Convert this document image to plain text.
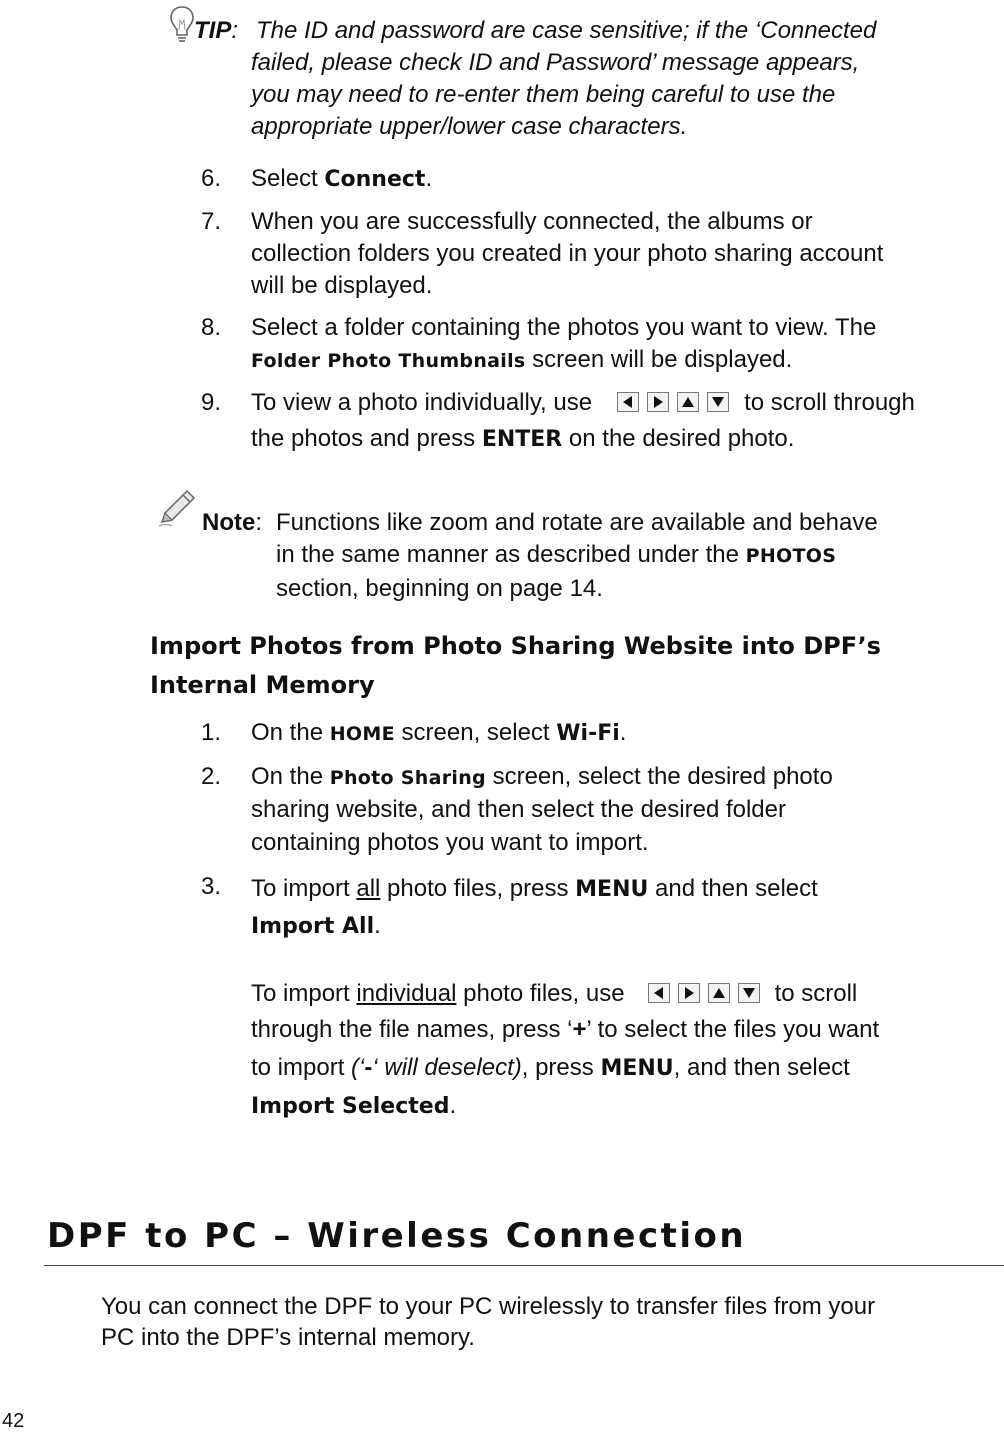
TIP: The ID and password are case sensitive; if the ‘Connected
failed, please check ID and Password’ message appears,
you may need to re-enter them being careful to use the
appropriate upper/lower case characters.
6. Select Connect.
7. When you are successfully connected, the albums or
collection folders you created in your photo sharing account
will be displayed.
8. Select a folder containing the photos you want to view. The
Folder Photo Thumbnails screen will be displayed.
9. To view a photo individually, use	to scroll through
the photos and press ENTER on the desired photo.
Note: Functions like zoom and rotate are available and behave
in the same manner as described under the PHOTOS
section, beginning on page 14.
Import Photos from Photo Sharing Website into DPF’s
Internal Memory
1. On the HOME screen, select Wi-Fi.
2. On the Photo Sharing screen, select the desired photo
sharing website, and then select the desired folder
containing photos you want to import.
3. To import all photo files, press MENU and then select
Import All.
To import individual photo files, use	to scroll
through the file names, press ‘+’ to select the files you want
to import (‘-‘ will deselect), press MENU, and then select
Import Selected.
DPF to PC – Wireless Connection
You can connect the DPF to your PC wirelessly to transfer files from your
PC into the DPF’s internal memory.
42
